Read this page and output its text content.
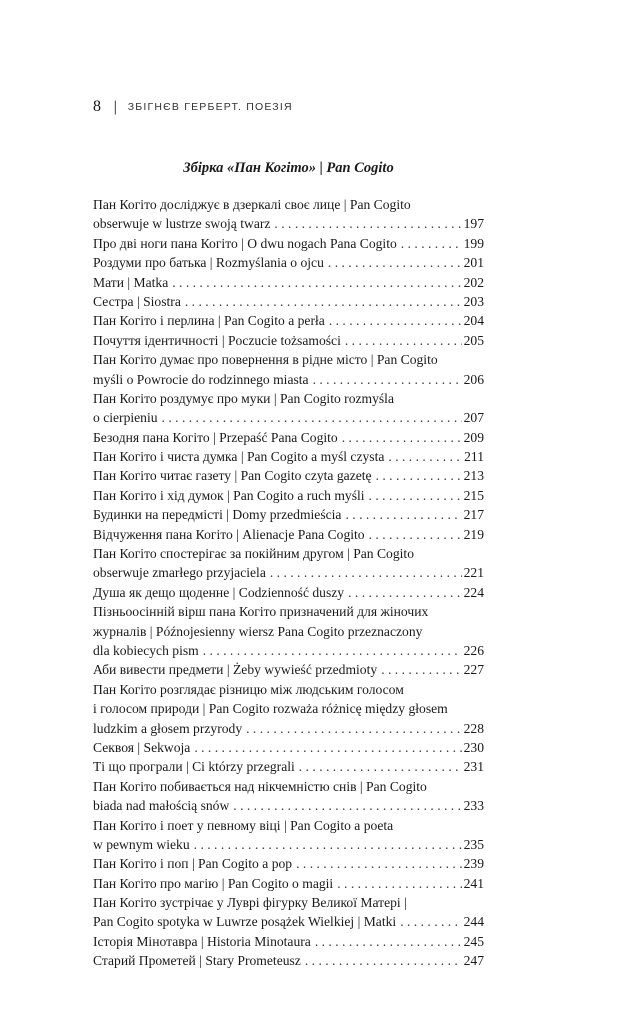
8 | ЗБІГНЄВ ГЕРБЕРТ. ПОЕЗІЯ
Збірка «Пан Когіто» | Pan Cogito
Пан Когіто досліджує в дзеркалі своє лице | Pan Cogito
obserwuje w lustrze swoją twarz . . .	197
Про дві ноги пана Когіто | O dwu nogach Pana Cogito . . .	199
Роздуми про батька | Rozmyślania o ojcu . . .	201
Мати | Matka . . .	202
Сестра | Siostra . . .	203
Пан Когіто і перлина | Pan Cogito a perła . . .	204
Почуття ідентичності | Poczucie tożsamości . . .	205
Пан Когіто думає про повернення в рідне місто | Pan Cogito
myśli o Powrocie do rodzinnego miasta . . .	206
Пан Когіто роздумує про муки | Pan Cogito rozmyśla
o cierpieniu . . .	207
Безодня пана Когіто | Przepaść Pana Cogito . . .	209
Пан Когіто і чиста думка | Pan Cogito a myśl czysta . . .	211
Пан Когіто читає газету | Pan Cogito czyta gazetę . . .	213
Пан Когіто і хід думок | Pan Cogito a ruch myśli . . .	215
Будинки на передмісті | Domy przedmieścia . . .	217
Відчуження пана Когіто | Alienacje Pana Cogito . . .	219
Пан Когіто спостерігає за покійним другом | Pan Cogito
obserwuje zmarłego przyjaciela . . .	221
Душа як дещо щоденне | Codzienność duszy . . .	224
Пізньоосінній вірш пана Когіто призначений для жіночих
журналів | Późnojesienny wiersz Pana Cogito przeznaczony
dla kobiecych pism . . .	226
Аби вивести предмети | Żeby wywieść przedmioty . . .	227
Пан Когіто розглядає різницю між людським голосом
і голосом природи | Pan Cogito rozważa różnicę między głosem
ludzkim a głosem przyrody . . .	228
Секвоя | Sekwoja . . .	230
Ті що програли | Ci którzy przegrali . . .	231
Пан Когіто побивається над нікчемністю снів | Pan Cogito
biada nad małością snów . . .	233
Пан Когіто і поет у певному віці | Pan Cogito a poeta
w pewnym wieku . . .	235
Пан Когіто і поп | Pan Cogito a pop . . .	239
Пан Когіто про магію | Pan Cogito o magii . . .	241
Пан Когіто зустрічає у Луврі фігурку Великої Матері |
Pan Cogito spotyka w Luwrze posążek Wielkiej | Matki . . .	244
Історія Мінотавра | Historia Minotaura . . .	245
Старий Прометей | Stary Prometeusz . . .	247
